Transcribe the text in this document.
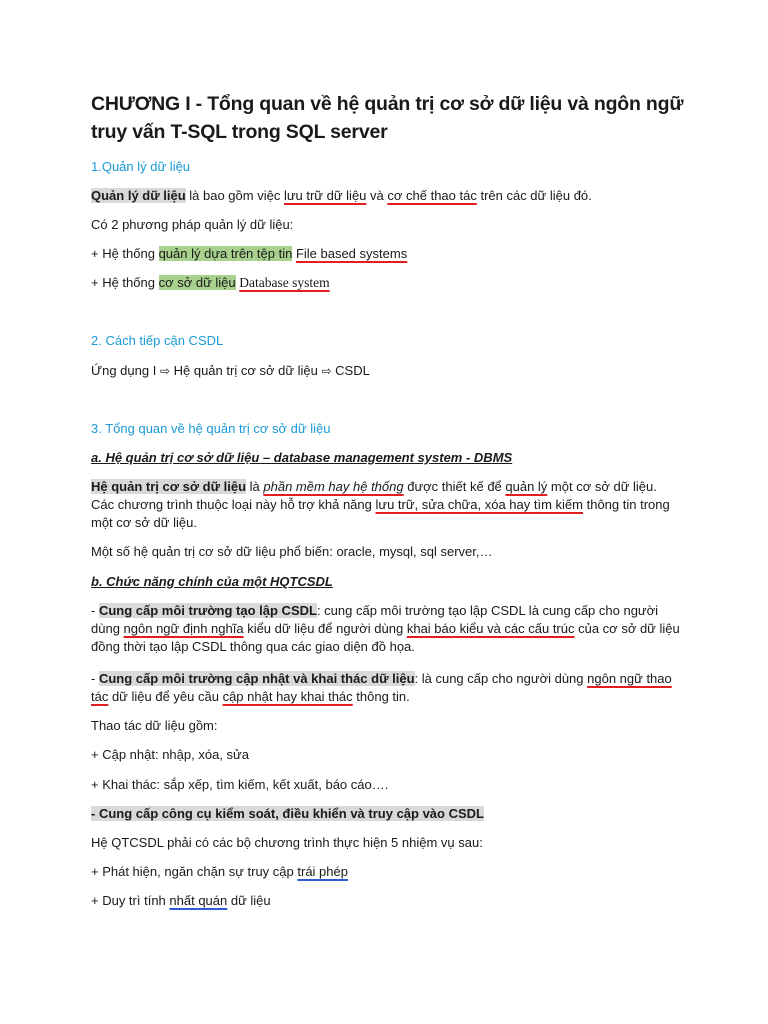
CHƯƠNG I - Tổng quan về hệ quản trị cơ sở dữ liệu và ngôn ngữ truy vấn T-SQL trong SQL server
1.Quản lý dữ liệu

Quản lý dữ liệu là bao gồm việc lưu trữ dữ liệu và cơ chế thao tác trên các dữ liệu đó.

Có 2 phương pháp quản lý dữ liệu:

+ Hệ thống quản lý dựa trên tệp tin File based systems

+ Hệ thống cơ sở dữ liệu Database system

2. Cách tiếp cận CSDL

Ứng dụng I ⇨ Hệ quản trị cơ sở dữ liệu ⇨ CSDL

3. Tổng quan về hệ quản trị cơ sở dữ liệu

a. Hệ quản trị cơ sở dữ liệu – database management system - DBMS

Hệ quản trị cơ sở dữ liệu là phần mềm hay hệ thống được thiết kế để quản lý một cơ sở dữ liệu. Các chương trình thuộc loại này hỗ trợ khả năng lưu trữ, sửa chữa, xóa hay tìm kiếm thông tin trong một cơ sở dữ liệu.

Một số hệ quản trị cơ sở dữ liệu phổ biến: oracle, mysql, sql server,…

b. Chức năng chính của một HQTCSDL

- Cung cấp môi trường tạo lập CSDL: cung cấp môi trường tạo lập CSDL là cung cấp cho người dùng ngôn ngữ định nghĩa kiểu dữ liệu để người dùng khai báo kiểu và các cấu trúc của cơ sở dữ liệu đồng thời tạo lập CSDL thông qua các giao diện đồ họa.

- Cung cấp môi trường cập nhật và khai thác dữ liệu: là cung cấp cho người dùng ngôn ngữ thao tác dữ liệu để yêu cầu cập nhật hay khai thác thông tin.

Thao tác dữ liệu gồm:

+ Cập nhật: nhập, xóa, sửa

+ Khai thác: sắp xếp, tìm kiếm, kết xuất, báo cáo….

- Cung cấp công cụ kiểm soát, điều khiển và truy cập vào CSDL

Hệ QTCSDL phải có các bộ chương trình thực hiện 5 nhiệm vụ sau:

+ Phát hiện, ngăn chặn sự truy cập trái phép

+ Duy trì tính nhất quán dữ liệu
